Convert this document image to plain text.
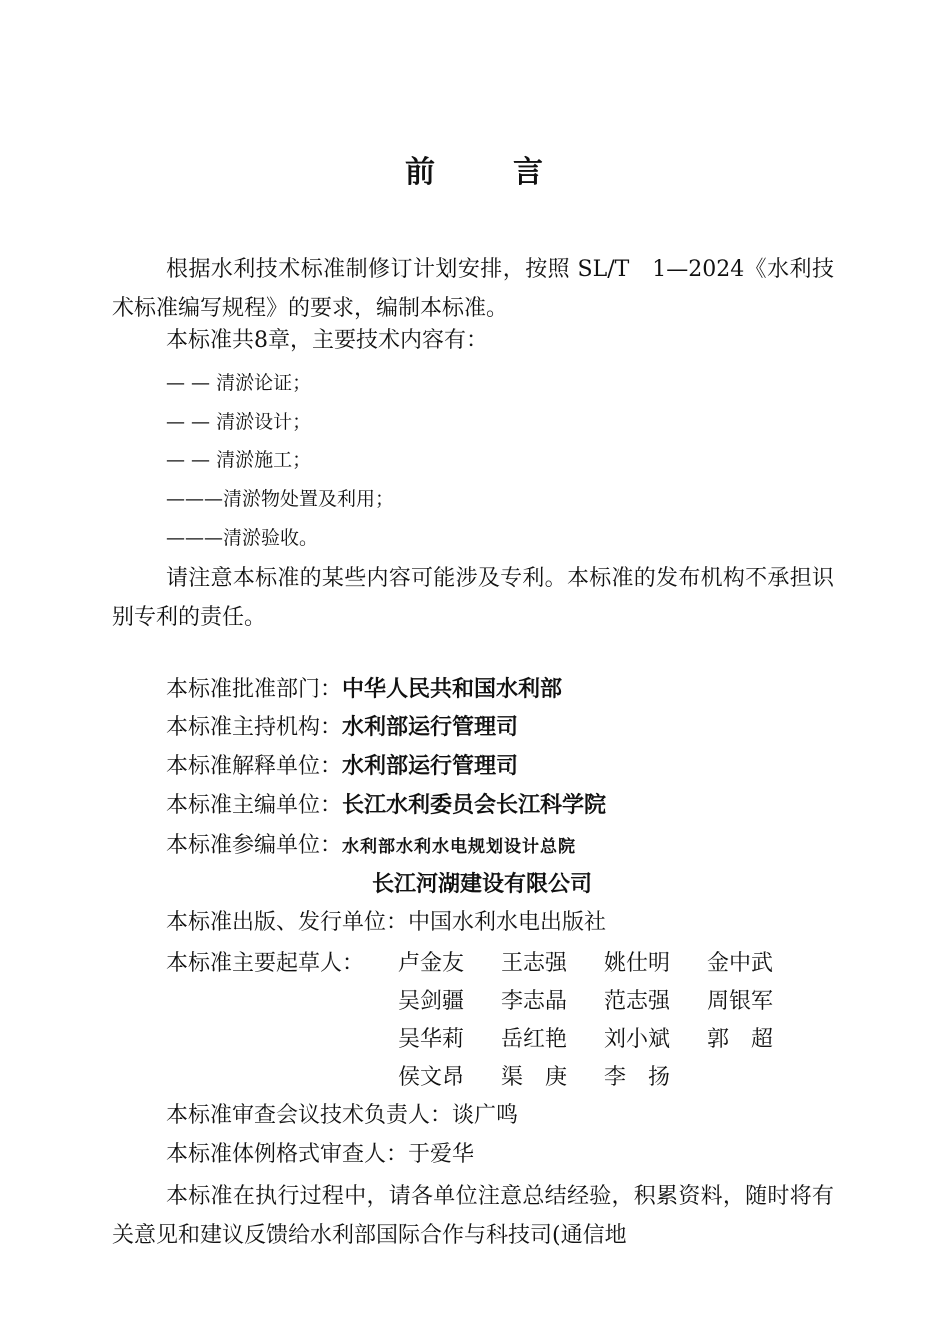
前	言
根据水利技术标准制修订计划安排，按照 SL/T　1—2024《水利技术标准编写规程》的要求，编制本标准。
本标准共8章，主要技术内容有：
— — 清淤论证；
— — 清淤设计；
— — 清淤施工；
———清淤物处置及利用；
———清淤验收。
请注意本标准的某些内容可能涉及专利。本标准的发布机构不承担识别专利的责任。
本标准批准部门：中华人民共和国水利部
本标准主持机构：水利部运行管理司
本标准解释单位：水利部运行管理司
本标准主编单位：长江水利委员会长江科学院
本标准参编单位：水利部水利水电规划设计总院
长江河湖建设有限公司
本标准出版、发行单位：中国水利水电出版社
本标准主要起草人： 卢金友 王志强 姚仕明 金中武
吴剑疆 李志晶 范志强 周银军
吴华莉 岳红艳 刘小斌 郭　超
侯文昂 渠　庚 李　扬
本标准审查会议技术负责人：谈广鸣
本标准体例格式审查人：于爱华
本标准在执行过程中，请各单位注意总结经验，积累资料，随时将有关意见和建议反馈给水利部国际合作与科技司(通信地
